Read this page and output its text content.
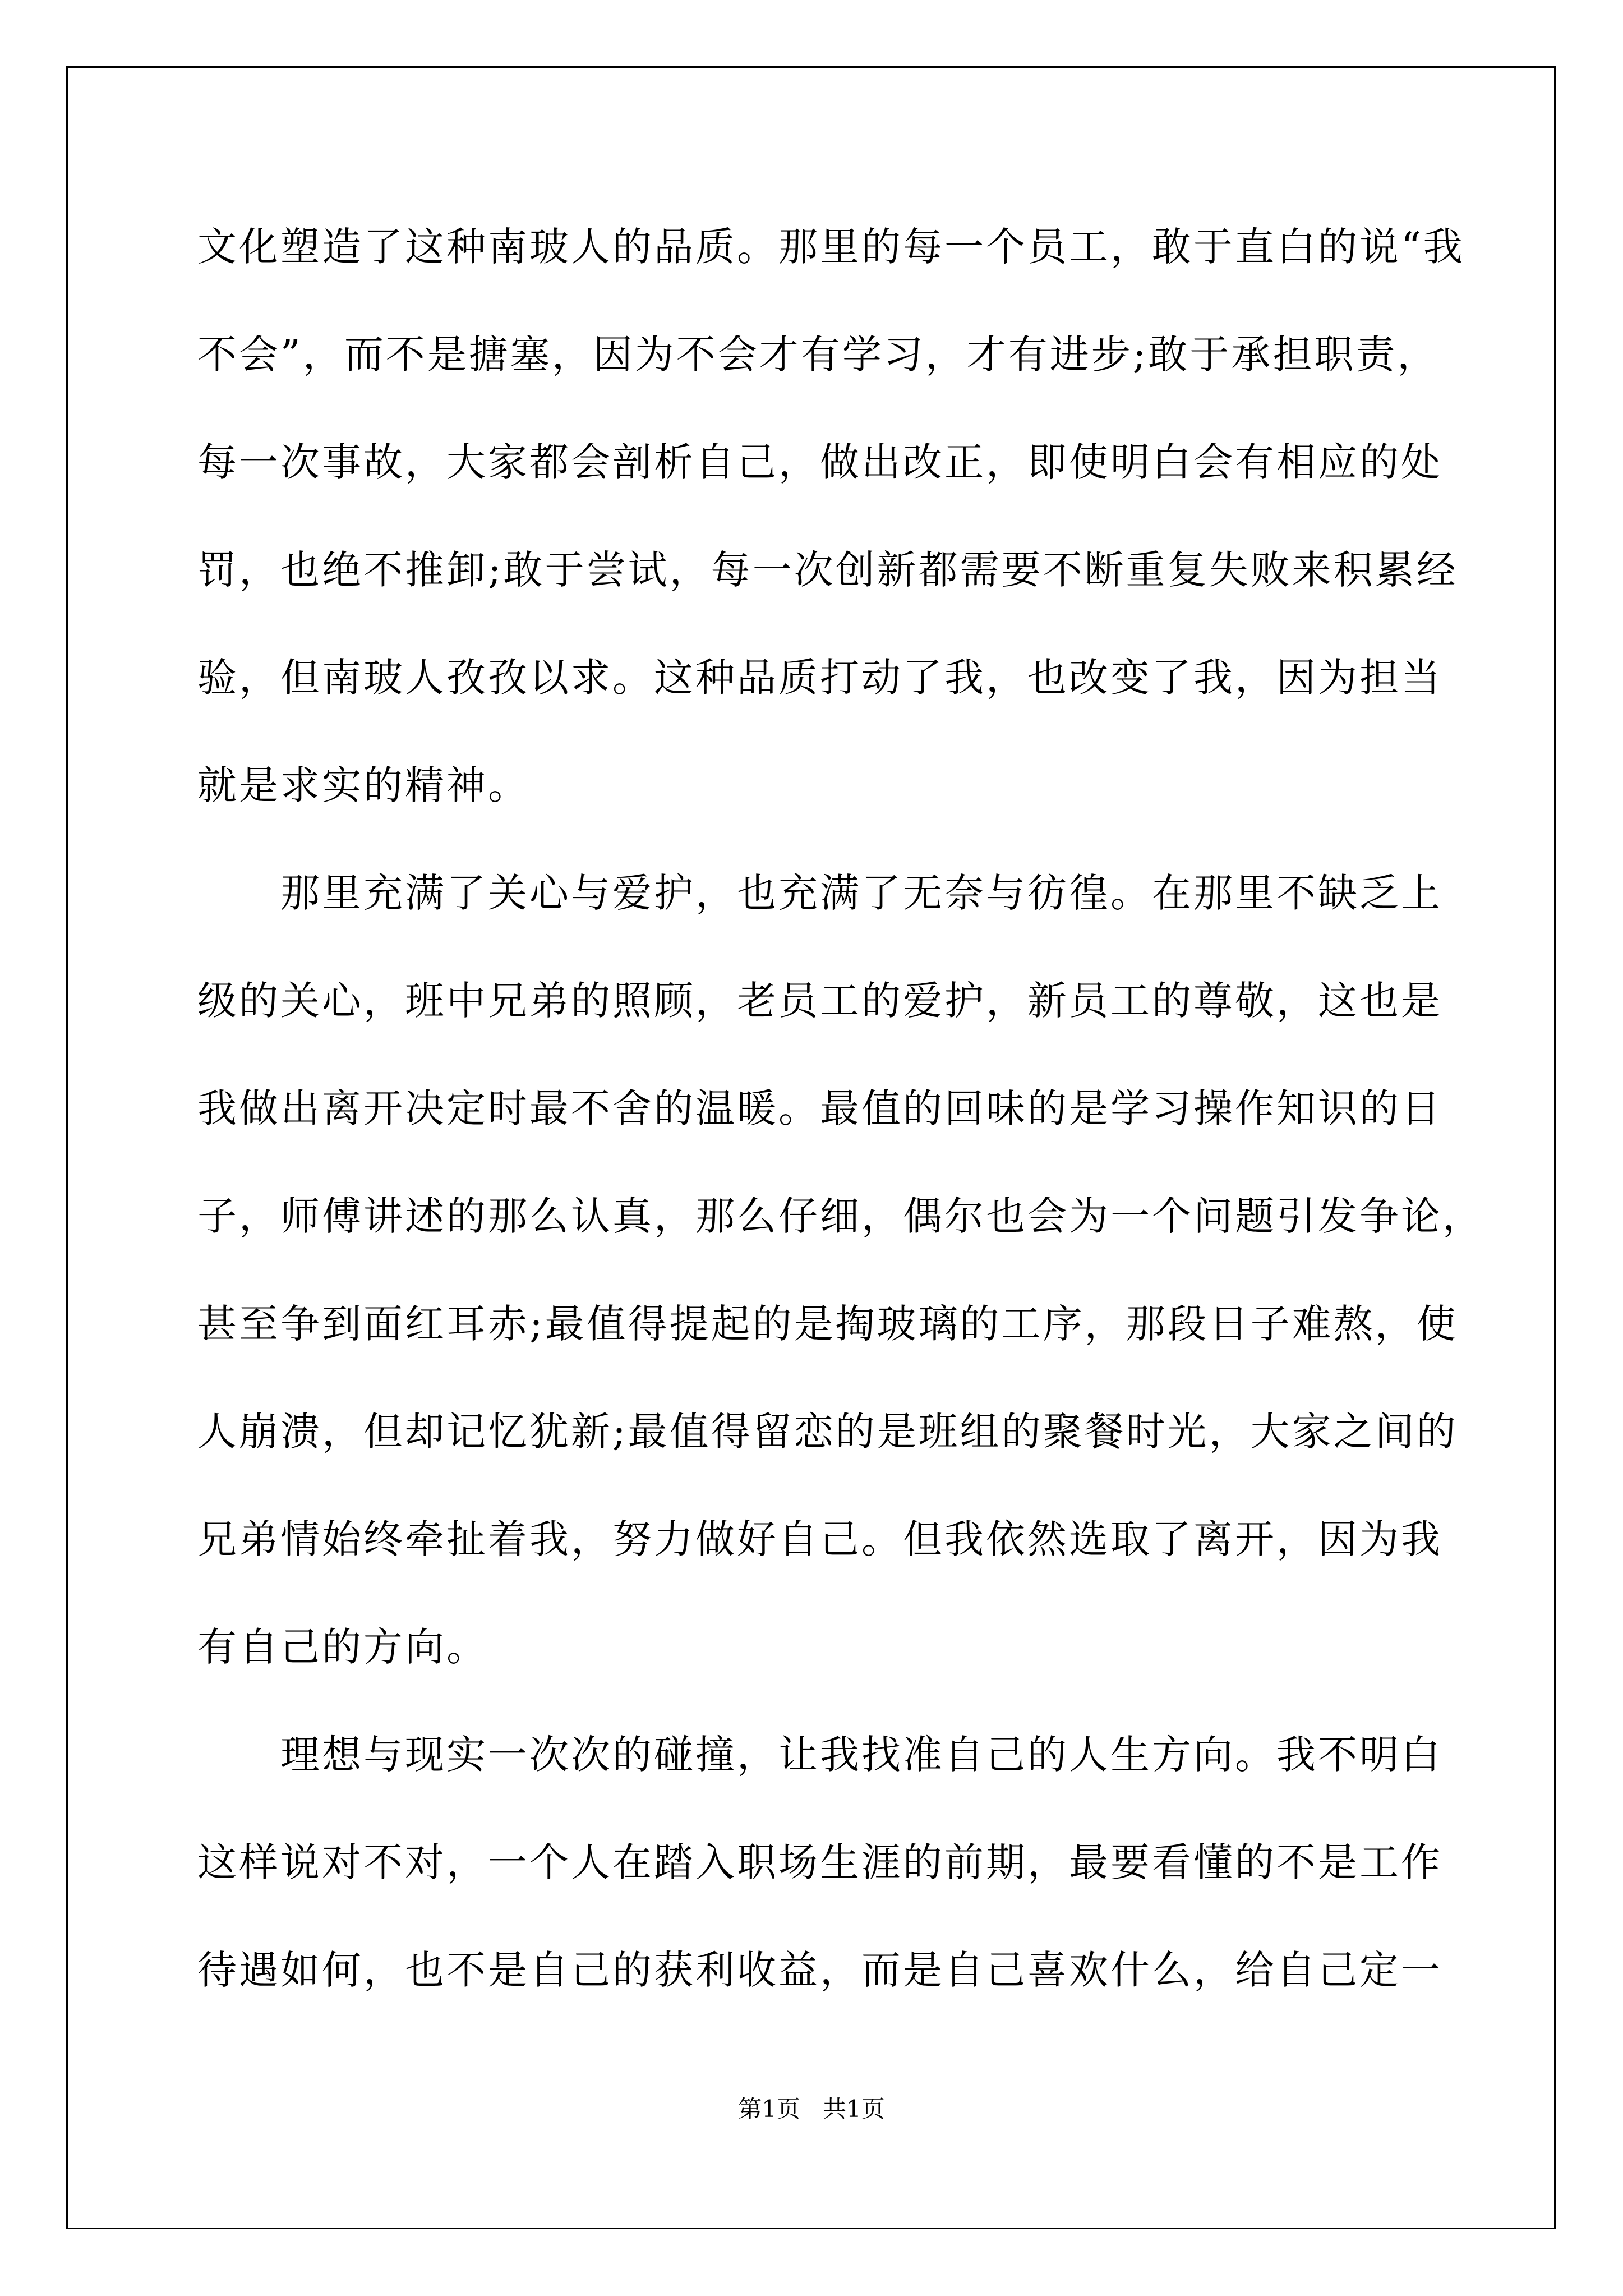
文化塑造了这种南玻人的品质。那里的每一个员工，敢于直白的说“我
不会”，而不是搪塞，因为不会才有学习，才有进步;敢于承担职责，
每一次事故，大家都会剖析自己，做出改正，即使明白会有相应的处
罚，也绝不推卸;敢于尝试，每一次创新都需要不断重复失败来积累经
验，但南玻人孜孜以求。这种品质打动了我，也改变了我，因为担当
就是求实的精神。
　　那里充满了关心与爱护，也充满了无奈与彷徨。在那里不缺乏上
级的关心，班中兄弟的照顾，老员工的爱护，新员工的尊敬，这也是
我做出离开决定时最不舍的温暖。最值的回味的是学习操作知识的日
子，师傅讲述的那么认真，那么仔细，偶尔也会为一个问题引发争论，
甚至争到面红耳赤;最值得提起的是掏玻璃的工序，那段日子难熬，使
人崩溃，但却记忆犹新;最值得留恋的是班组的聚餐时光，大家之间的
兄弟情始终牵扯着我，努力做好自己。但我依然选取了离开，因为我
有自己的方向。
　　理想与现实一次次的碰撞，让我找准自己的人生方向。我不明白
这样说对不对，一个人在踏入职场生涯的前期，最要看懂的不是工作
待遇如何，也不是自己的获利收益，而是自己喜欢什么，给自己定一
第1页   共1页
